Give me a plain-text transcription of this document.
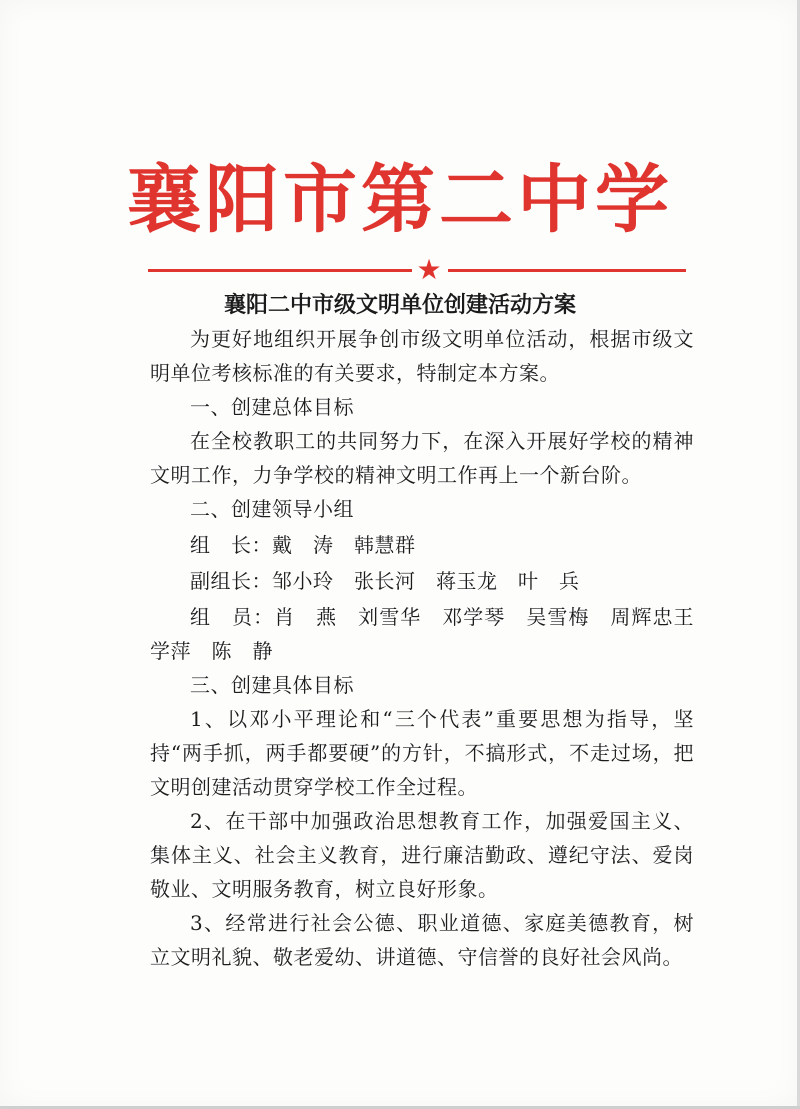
襄阳市第二中学
★
襄阳二中市级文明单位创建活动方案

为更好地组织开展争创市级文明单位活动，根据市级文明单位考核标准的有关要求，特制定本方案。

一、创建总体目标

在全校教职工的共同努力下，在深入开展好学校的精神文明工作，力争学校的精神文明工作再上一个新台阶。

二、创建领导小组

组　长：戴　涛　韩慧群

副组长：邹小玲　张长河　蒋玉龙　叶　兵

组　员：肖　燕　刘雪华　邓学琴　吴雪梅　周辉忠王学萍　陈　静

三、创建具体目标

1、以邓小平理论和“三个代表”重要思想为指导，坚持“两手抓，两手都要硬”的方针，不搞形式，不走过场，把文明创建活动贯穿学校工作全过程。

2、在干部中加强政治思想教育工作，加强爱国主义、集体主义、社会主义教育，进行廉洁勤政、遵纪守法、爱岗敬业、文明服务教育，树立良好形象。

3、经常进行社会公德、职业道德、家庭美德教育，树立文明礼貌、敬老爱幼、讲道德、守信誉的良好社会风尚。
